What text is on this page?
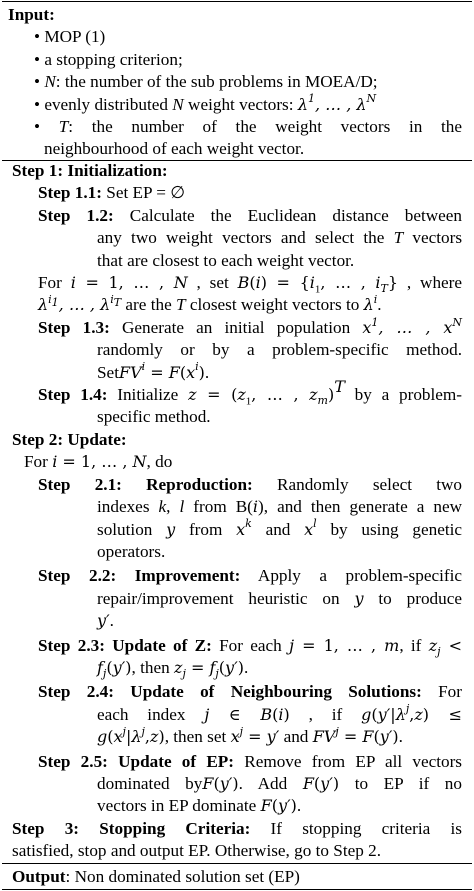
Input:
• MOP (1)
• a stopping criterion;
• N: the number of the sub problems in MOEA/D;
• evenly distributed N weight vectors: $\lambda^1$, … , $\lambda^N$
• T: the number of the weight vectors in the
neighbourhood of each weight vector.
Step 1: Initialization:
Step 1.1: Set EP = ∅
Step 1.2: Calculate the Euclidean distance between
any two weight vectors and select the T vectors
that are closest to each weight vector.
For i = 1, … , N , set $B(i) = \{i_1$, … , $i_T$} , where
$\lambda^{i_1}$, … , $\lambda^{i_T}$ are the T closest weight vectors to $\lambda^i$.
Step 1.3: Generate an initial population $x^1$, … , $x^N$
randomly or by a problem-specific method.
SetFV$^i$ = $F(x^i)$.
Step 1.4: Initialize $z = (z_1$, … , $z_m)^T$ by a problem-
specific method.
Step 2: Update:
For i = 1, … , N, do
Step 2.1: Reproduction: Randomly select two
indexes k, l from B(i), and then generate a new
solution y from $x^k$ and $x^l$ by using genetic
operators.
Step 2.2: Improvement: Apply a problem-specific
repair/improvement heuristic on y to produce
y′.
Step 2.3: Update of Z: For each j = 1, … , m, if $z_j$ <
$f_j(y')$, then $z_j = f_j(y')$.
Step 2.4: Update of Neighbouring Solutions: For
each index j ∈ B(i) , if $g(y'|\lambda^j,z)$ ≤
$g(x^j|\lambda^j,z)$, then set $x^j = y'$ and $FV^j = F(y')$.
Step 2.5: Update of EP: Remove from EP all vectors
dominated byF(y′). Add F(y′) to EP if no
vectors in EP dominate F(y′).
Step 3: Stopping Criteria: If stopping criteria is
satisfied, stop and output EP. Otherwise, go to Step 2.
Output: Non dominated solution set (EP)
